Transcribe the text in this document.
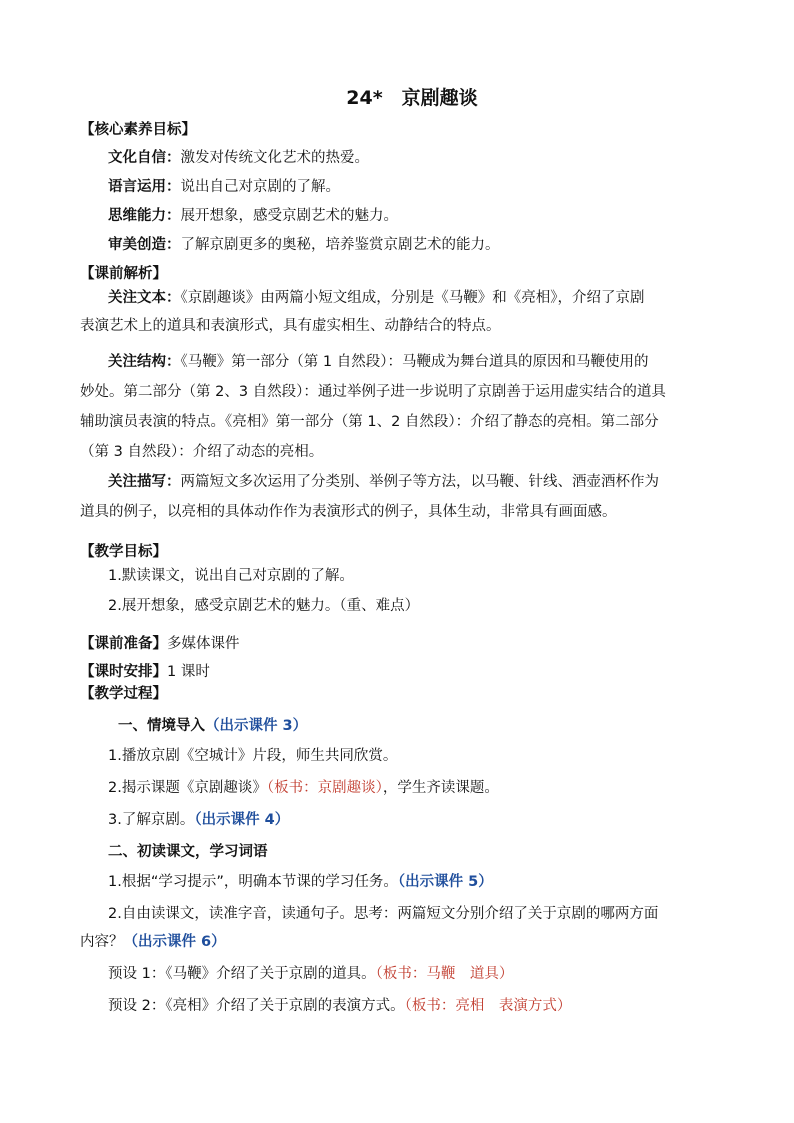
24*　京剧趣谈
【核心素养目标】
文化自信：激发对传统文化艺术的热爱。
语言运用：说出自己对京剧的了解。
思维能力：展开想象，感受京剧艺术的魅力。
审美创造：了解京剧更多的奥秘，培养鉴赏京剧艺术的能力。
【课前解析】
关注文本：《京剧趣谈》由两篇小短文组成，分别是《马鞭》和《亮相》，介绍了京剧
表演艺术上的道具和表演形式，具有虚实相生、动静结合的特点。
关注结构：《马鞭》第一部分（第 1 自然段）：马鞭成为舞台道具的原因和马鞭使用的
妙处。第二部分（第 2、3 自然段）：通过举例子进一步说明了京剧善于运用虚实结合的道具
辅助演员表演的特点。《亮相》第一部分（第 1、2 自然段）：介绍了静态的亮相。第二部分
（第 3 自然段）：介绍了动态的亮相。
关注描写：两篇短文多次运用了分类别、举例子等方法，以马鞭、针线、酒壶酒杯作为
道具的例子，以亮相的具体动作作为表演形式的例子，具体生动，非常具有画面感。
【教学目标】
1.默读课文，说出自己对京剧的了解。
2.展开想象，感受京剧艺术的魅力。（重、难点）
【课前准备】多媒体课件
【课时安排】1 课时
【教学过程】
一、情境导入（出示课件 3）
1.播放京剧《空城计》片段，师生共同欣赏。
2.揭示课题《京剧趣谈》（板书：京剧趣谈），学生齐读课题。
3.了解京剧。（出示课件 4）
二、初读课文，学习词语
1.根据“学习提示”，明确本节课的学习任务。（出示课件 5）
2.自由读课文，读准字音，读通句子。思考：两篇短文分别介绍了关于京剧的哪两方面
内容？（出示课件 6）
预设 1：《马鞭》介绍了关于京剧的道具。（板书：马鞭　道具）
预设 2：《亮相》介绍了关于京剧的表演方式。（板书：亮相　表演方式）
